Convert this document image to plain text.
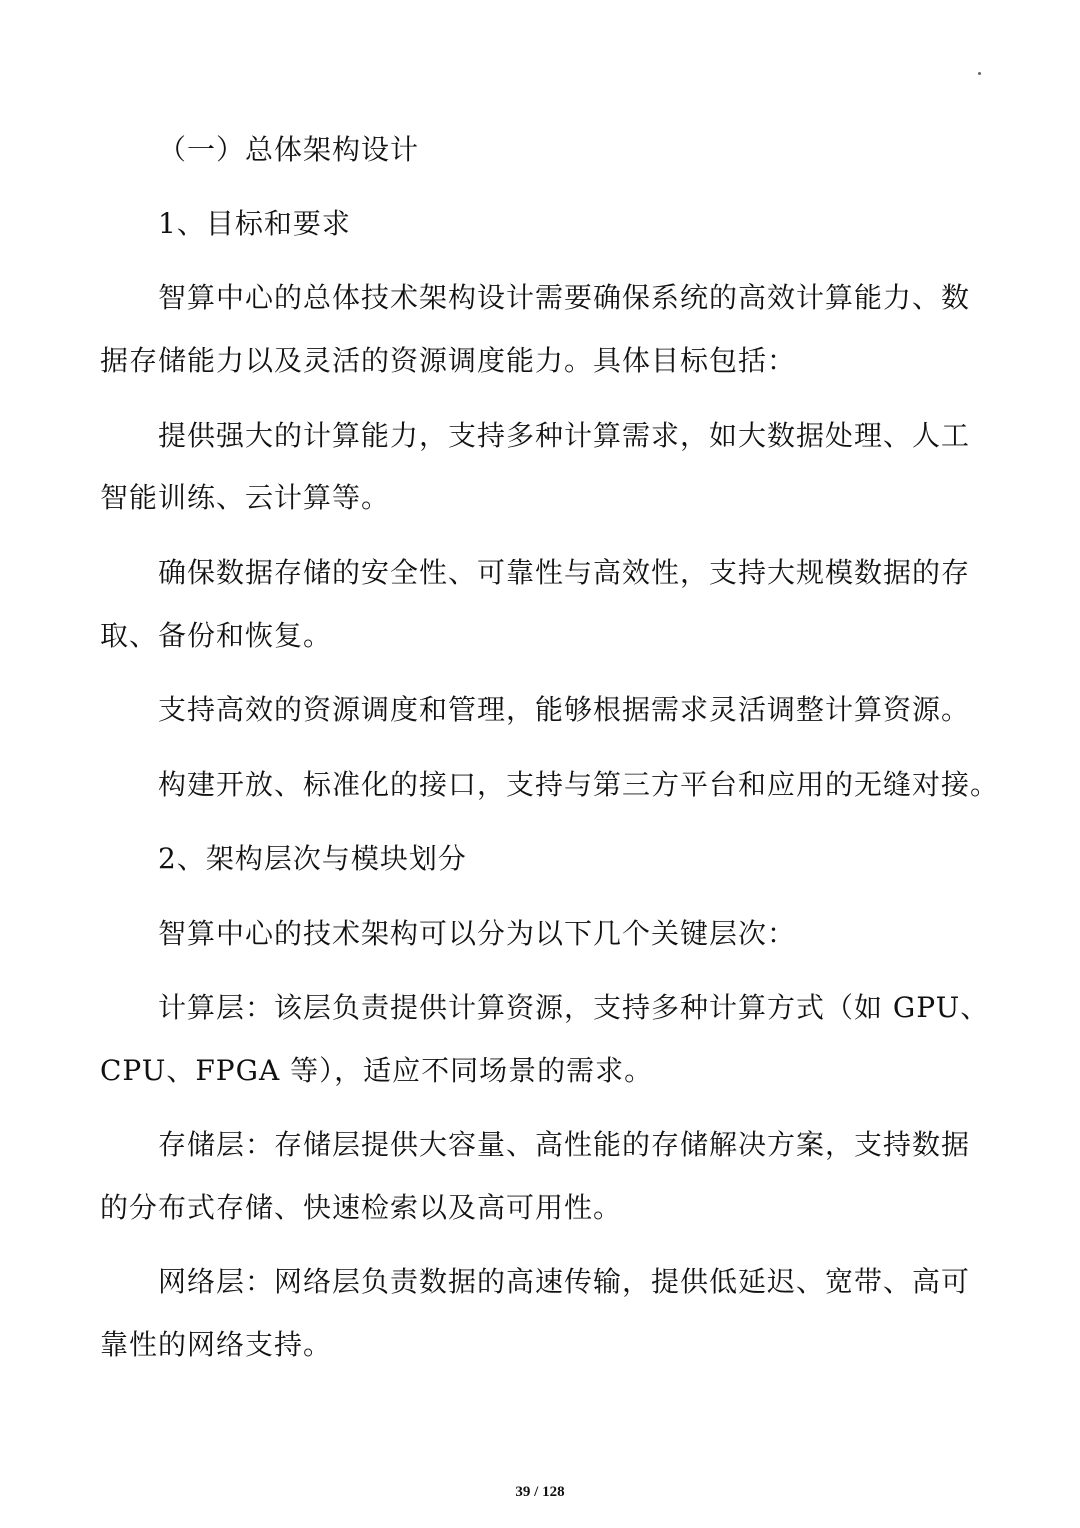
（一）总体架构设计

1、目标和要求

智算中心的总体技术架构设计需要确保系统的高效计算能力、数

据存储能力以及灵活的资源调度能力。具体目标包括：

提供强大的计算能力，支持多种计算需求，如大数据处理、人工

智能训练、云计算等。

确保数据存储的安全性、可靠性与高效性，支持大规模数据的存

取、备份和恢复。

支持高效的资源调度和管理，能够根据需求灵活调整计算资源。

构建开放、标准化的接口，支持与第三方平台和应用的无缝对接。

2、架构层次与模块划分

智算中心的技术架构可以分为以下几个关键层次：

计算层：该层负责提供计算资源，支持多种计算方式（如 GPU、

CPU、FPGA 等），适应不同场景的需求。

存储层：存储层提供大容量、高性能的存储解决方案，支持数据

的分布式存储、快速检索以及高可用性。

网络层：网络层负责数据的高速传输，提供低延迟、宽带、高可

靠性的网络支持。

39 / 128
